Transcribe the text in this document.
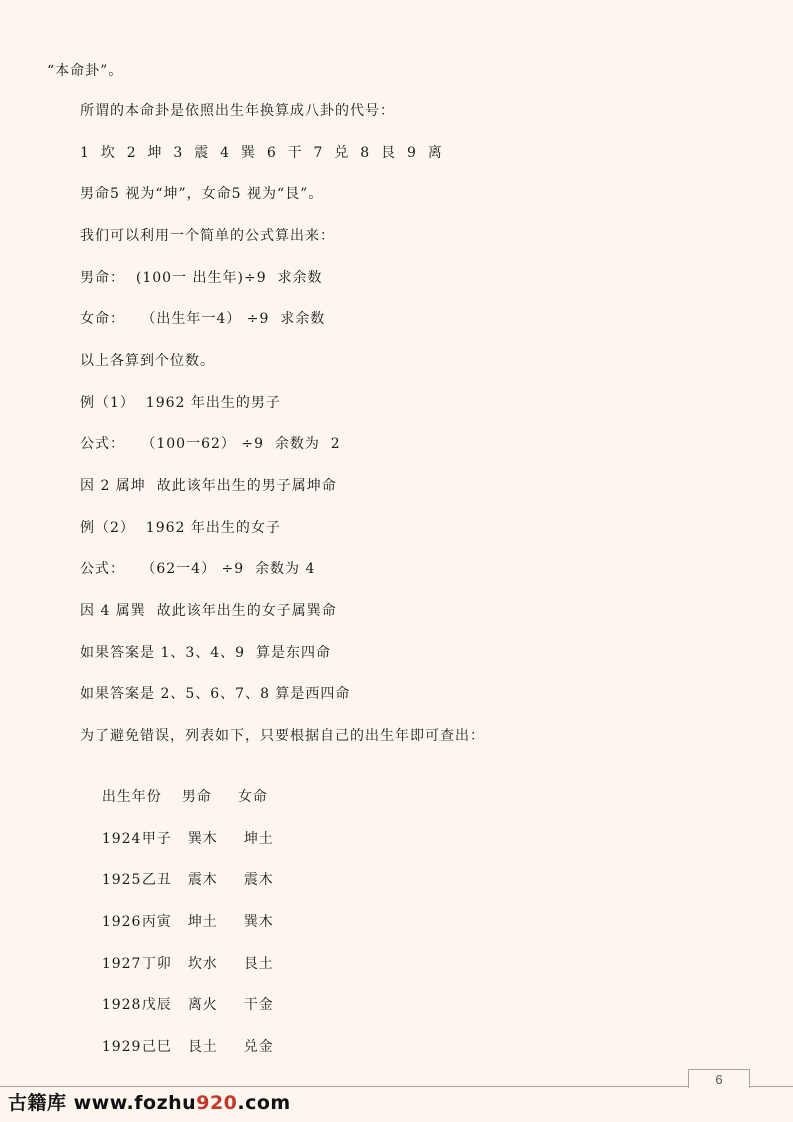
“本命卦”。
所谓的本命卦是依照出生年换算成八卦的代号：
1  坎  2  坤  3  震  4  巽  6  干  7  兑  8  艮  9  离
男命5 视为“坤”，女命5 视为“艮”。
我们可以利用一个简单的公式算出来：
男命：  (100一 出生年)÷9  求余数
女命：   （出生年一4） ÷9  求余数
以上各算到个位数。
例（1）  1962 年出生的男子
公式：   （100一62） ÷9  余数为  2
因 2 属坤  故此该年出生的男子属坤命
例（2）  1962 年出生的女子
公式：   （62一4） ÷9  余数为 4
因 4 属巽  故此该年出生的女子属巽命
如果答案是 1、3、4、9  算是东四命
如果答案是 2、5、6、7、8 算是西四命
为了避免错误，列表如下，只要根据自己的出生年即可查出：

出生年份 男命 女命

1924甲子 巽木 坤土

1925乙丑 震木 震木

1926丙寅 坤土 巽木

1927丁卯 坎水 艮土

1928戊辰 离火 干金

1929己巳 艮土 兑金

6
古籍库 www.fozhu920.com
